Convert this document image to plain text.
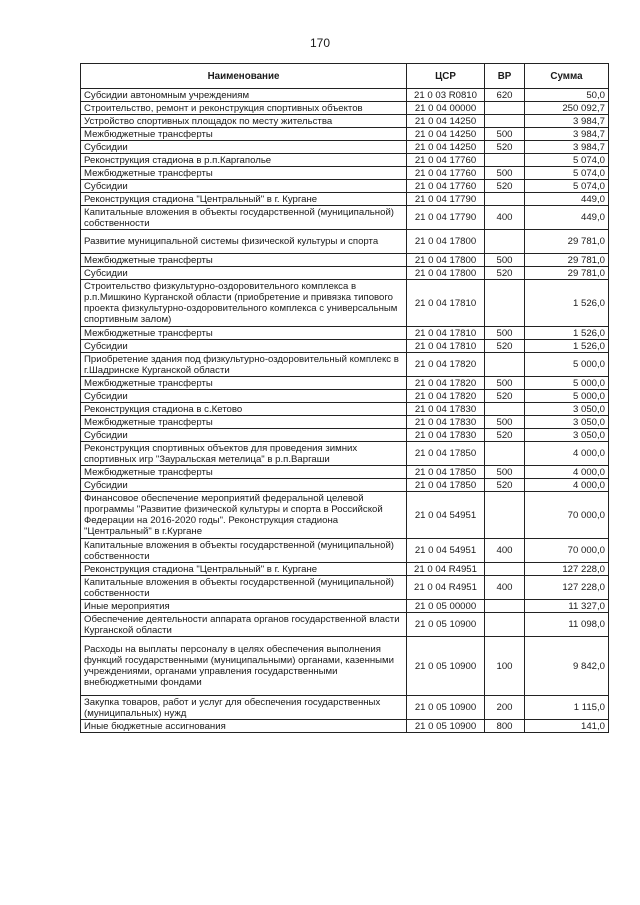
170
Наименование	ЦСР	ВР	Сумма
Субсидии автономным учреждениям	21 0 03 R0810	620	50,0
Строительство, ремонт и реконструкция спортивных объектов	21 0 04 00000		250 092,7
Устройство спортивных площадок по месту жительства	21 0 04 14250		3 984,7
Межбюджетные трансферты	21 0 04 14250	500	3 984,7
Субсидии	21 0 04 14250	520	3 984,7
Реконструкция стадиона в р.п.Каргаполье	21 0 04 17760		5 074,0
Межбюджетные трансферты	21 0 04 17760	500	5 074,0
Субсидии	21 0 04 17760	520	5 074,0
Реконструкция стадиона "Центральный" в г. Кургане	21 0 04 17790		449,0
Капитальные вложения в объекты государственной (муниципальной) собственности	21 0 04 17790	400	449,0
Развитие муниципальной системы физической культуры и спорта	21 0 04 17800		29 781,0
Межбюджетные трансферты	21 0 04 17800	500	29 781,0
Субсидии	21 0 04 17800	520	29 781,0
Строительство физкультурно-оздоровительного комплекса в р.п.Мишкино Курганской области (приобретение и привязка типового проекта физкультурно-оздоровительного комплекса с универсальным спортивным залом)	21 0 04 17810		1 526,0
Межбюджетные трансферты	21 0 04 17810	500	1 526,0
Субсидии	21 0 04 17810	520	1 526,0
Приобретение здания под физкультурно-оздоровительный комплекс в г.Шадринске Курганской области	21 0 04 17820		5 000,0
Межбюджетные трансферты	21 0 04 17820	500	5 000,0
Субсидии	21 0 04 17820	520	5 000,0
Реконструкция стадиона в с.Кетово	21 0 04 17830		3 050,0
Межбюджетные трансферты	21 0 04 17830	500	3 050,0
Субсидии	21 0 04 17830	520	3 050,0
Реконструкция спортивных объектов для проведения зимних спортивных игр "Зауральская метелица" в р.п.Варгаши	21 0 04 17850		4 000,0
Межбюджетные трансферты	21 0 04 17850	500	4 000,0
Субсидии	21 0 04 17850	520	4 000,0
Финансовое обеспечение мероприятий федеральной целевой программы "Развитие физической культуры и спорта в Российской Федерации на 2016-2020 годы". Реконструкция стадиона "Центральный" в г.Кургане	21 0 04 54951		70 000,0
Капитальные вложения в объекты государственной (муниципальной) собственности	21 0 04 54951	400	70 000,0
Реконструкция стадиона "Центральный" в г. Кургане	21 0 04 R4951		127 228,0
Капитальные вложения в объекты государственной (муниципальной) собственности	21 0 04 R4951	400	127 228,0
Иные мероприятия	21 0 05 00000		11 327,0
Обеспечение деятельности аппарата органов государственной власти Курганской области	21 0 05 10900		11 098,0
Расходы на выплаты персоналу в целях обеспечения выполнения функций государственными (муниципальными) органами, казенными учреждениями, органами управления государственными внебюджетными фондами	21 0 05 10900	100	9 842,0
Закупка товаров, работ и услуг для обеспечения государственных (муниципальных) нужд	21 0 05 10900	200	1 115,0
Иные бюджетные ассигнования	21 0 05 10900	800	141,0
